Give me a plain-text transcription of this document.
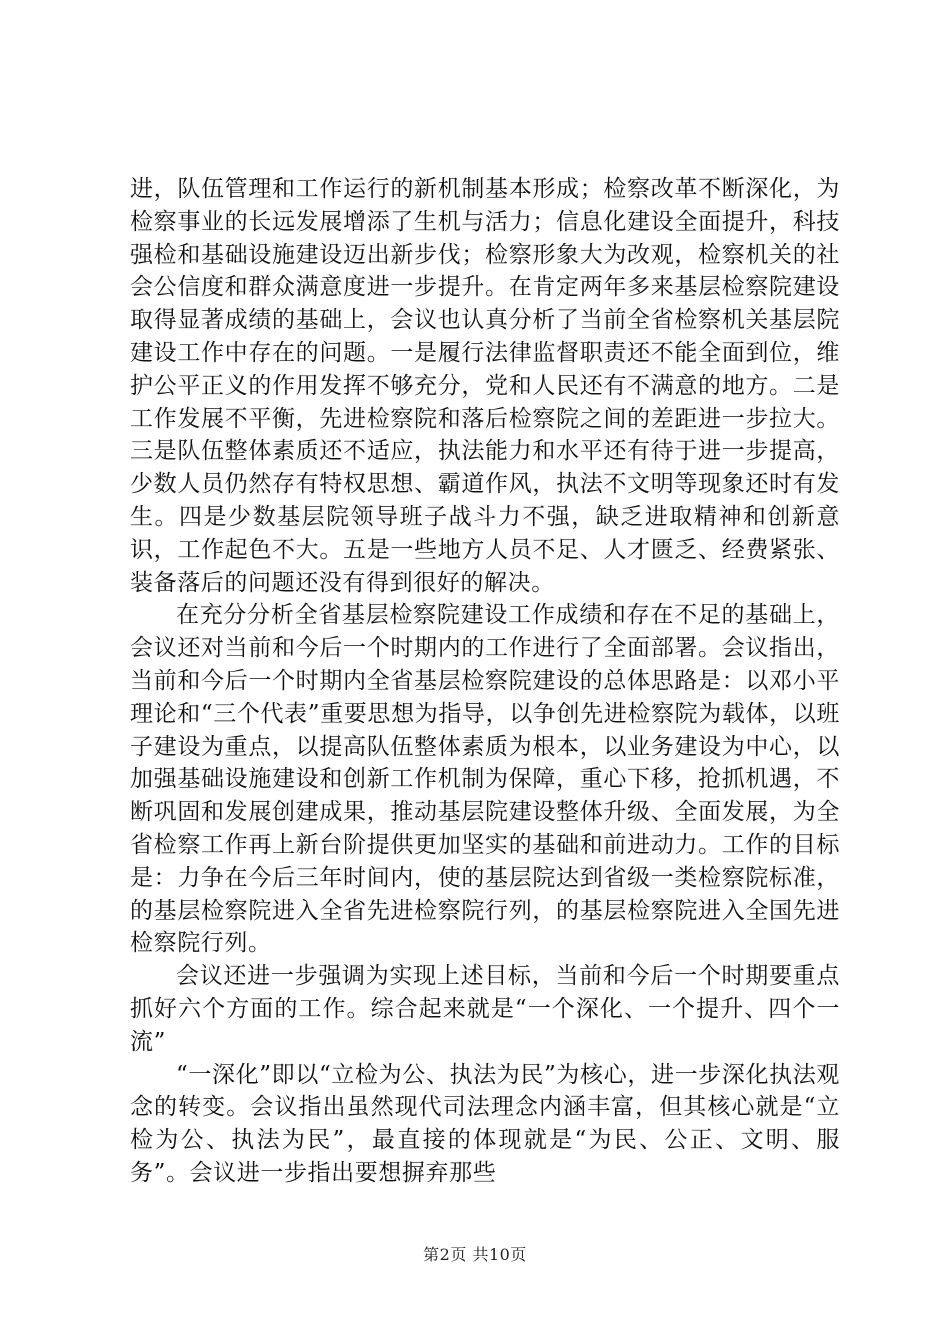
进，队伍管理和工作运行的新机制基本形成；检察改革不断深化，为检察事业的长远发展增添了生机与活力；信息化建设全面提升，科技强检和基础设施建设迈出新步伐；检察形象大为改观，检察机关的社会公信度和群众满意度进一步提升。在肯定两年多来基层检察院建设取得显著成绩的基础上，会议也认真分析了当前全省检察机关基层院建设工作中存在的问题。一是履行法律监督职责还不能全面到位，维护公平正义的作用发挥不够充分，党和人民还有不满意的地方。二是工作发展不平衡，先进检察院和落后检察院之间的差距进一步拉大。三是队伍整体素质还不适应，执法能力和水平还有待于进一步提高，少数人员仍然存有特权思想、霸道作风，执法不文明等现象还时有发生。四是少数基层院领导班子战斗力不强，缺乏进取精神和创新意识，工作起色不大。五是一些地方人员不足、人才匮乏、经费紧张、装备落后的问题还没有得到很好的解决。

在充分分析全省基层检察院建设工作成绩和存在不足的基础上，会议还对当前和今后一个时期内的工作进行了全面部署。会议指出，当前和今后一个时期内全省基层检察院建设的总体思路是：以邓小平理论和“三个代表”重要思想为指导，以争创先进检察院为载体，以班子建设为重点，以提高队伍整体素质为根本，以业务建设为中心，以加强基础设施建设和创新工作机制为保障，重心下移，抢抓机遇，不断巩固和发展创建成果，推动基层院建设整体升级、全面发展，为全省检察工作再上新台阶提供更加坚实的基础和前进动力。工作的目标是：力争在今后三年时间内，使的基层院达到省级一类检察院标准，的基层检察院进入全省先进检察院行列，的基层检察院进入全国先进检察院行列。

会议还进一步强调为实现上述目标，当前和今后一个时期要重点抓好六个方面的工作。综合起来就是“一个深化、一个提升、四个一流”

“一深化”即以“立检为公、执法为民”为核心，进一步深化执法观念的转变。会议指出虽然现代司法理念内涵丰富，但其核心就是“立检为公、执法为民”，最直接的体现就是“为民、公正、文明、服务”。会议进一步指出要想摒弃那些

第2页 共10页
